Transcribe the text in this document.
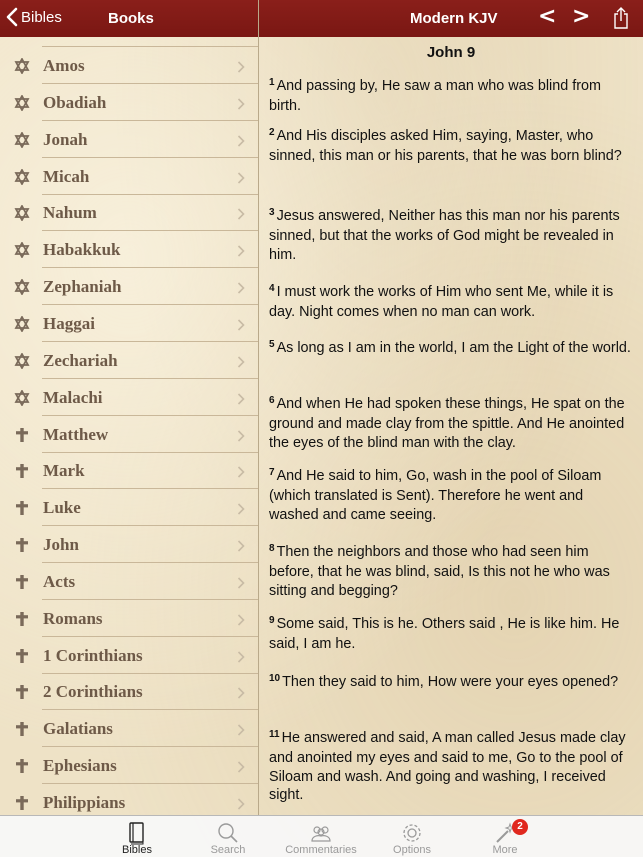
Bibles	Books	Modern KJV < >
Amos
Obadiah
Jonah
Micah
Nahum
Habakkuk
Zephaniah
Haggai
Zechariah
Malachi
Matthew
Mark
Luke
John
Acts
Romans
1 Corinthians
2 Corinthians
Galatians
Ephesians
Philippians
John 9
$^1$ And passing by, He saw a man who was blind from birth.
$^2$ And His disciples asked Him, saying, Master, who sinned, this man or his parents, that he was born blind?
$^3$ Jesus answered, Neither has this man nor his parents sinned, but that the works of God might be revealed in him.
$^4$ I must work the works of Him who sent Me, while it is day. Night comes when no man can work.
$^5$ As long as I am in the world, I am the Light of the world.
$^6$ And when He had spoken these things, He spat on the ground and made clay from the spittle. And He anointed the eyes of the blind man with the clay.
$^7$ And He said to him, Go, wash in the pool of Siloam (which translated is Sent). Therefore he went and washed and came seeing.
$^8$ Then the neighbors and those who had seen him before, that he was blind, said, Is this not he who was sitting and begging?
$^9$ Some said, This is he. Others said , He is like him. He said, I am he.
$^{10}$ Then they said to him, How were your eyes opened?
$^{11}$ He answered and said, A man called Jesus made clay and anointed my eyes and said to me, Go to the pool of Siloam and wash. And going and washing, I received sight.
Bibles	Search	Commentaries	Options	More
2
